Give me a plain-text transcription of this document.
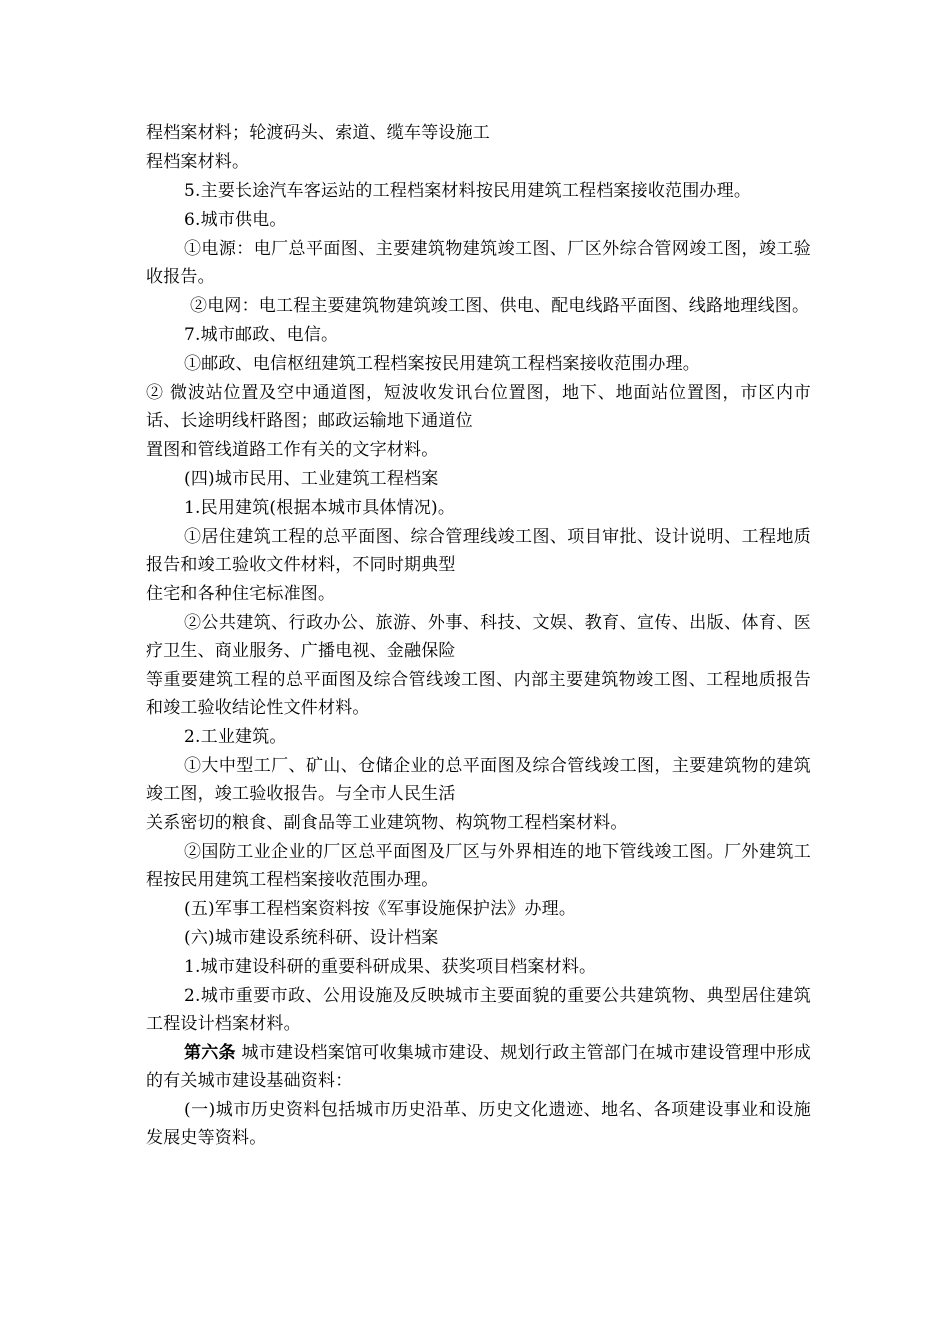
程档案材料；轮渡码头、索道、缆车等设施工

程档案材料。

5.主要长途汽车客运站的工程档案材料按民用建筑工程档案接收范围办理。

6.城市供电。

①电源：电厂总平面图、主要建筑物建筑竣工图、厂区外综合管网竣工图，竣工验收报告。

②电网：电工程主要建筑物建筑竣工图、供电、配电线路平面图、线路地理线图。

7.城市邮政、电信。

①邮政、电信枢纽建筑工程档案按民用建筑工程档案接收范围办理。

② 微波站位置及空中通道图，短波收发讯台位置图，地下、地面站位置图，市区内市话、长途明线杆路图；邮政运输地下通道位

置图和管线道路工作有关的文字材料。

(四)城市民用、工业建筑工程档案

1.民用建筑(根据本城市具体情况)。

①居住建筑工程的总平面图、综合管理线竣工图、项目审批、设计说明、工程地质报告和竣工验收文件材料，不同时期典型

住宅和各种住宅标准图。

②公共建筑、行政办公、旅游、外事、科技、文娱、教育、宣传、出版、体育、医疗卫生、商业服务、广播电视、金融保险

等重要建筑工程的总平面图及综合管线竣工图、内部主要建筑物竣工图、工程地质报告和竣工验收结论性文件材料。

2.工业建筑。

①大中型工厂、矿山、仓储企业的总平面图及综合管线竣工图，主要建筑物的建筑竣工图，竣工验收报告。与全市人民生活

关系密切的粮食、副食品等工业建筑物、构筑物工程档案材料。

②国防工业企业的厂区总平面图及厂区与外界相连的地下管线竣工图。厂外建筑工程按民用建筑工程档案接收范围办理。

(五)军事工程档案资料按《军事设施保护法》办理。

(六)城市建设系统科研、设计档案

1.城市建设科研的重要科研成果、获奖项目档案材料。

2.城市重要市政、公用设施及反映城市主要面貌的重要公共建筑物、典型居住建筑工程设计档案材料。

第六条 城市建设档案馆可收集城市建设、规划行政主管部门在城市建设管理中形成的有关城市建设基础资料：

(一)城市历史资料包括城市历史沿革、历史文化遗迹、地名、各项建设事业和设施发展史等资料。
